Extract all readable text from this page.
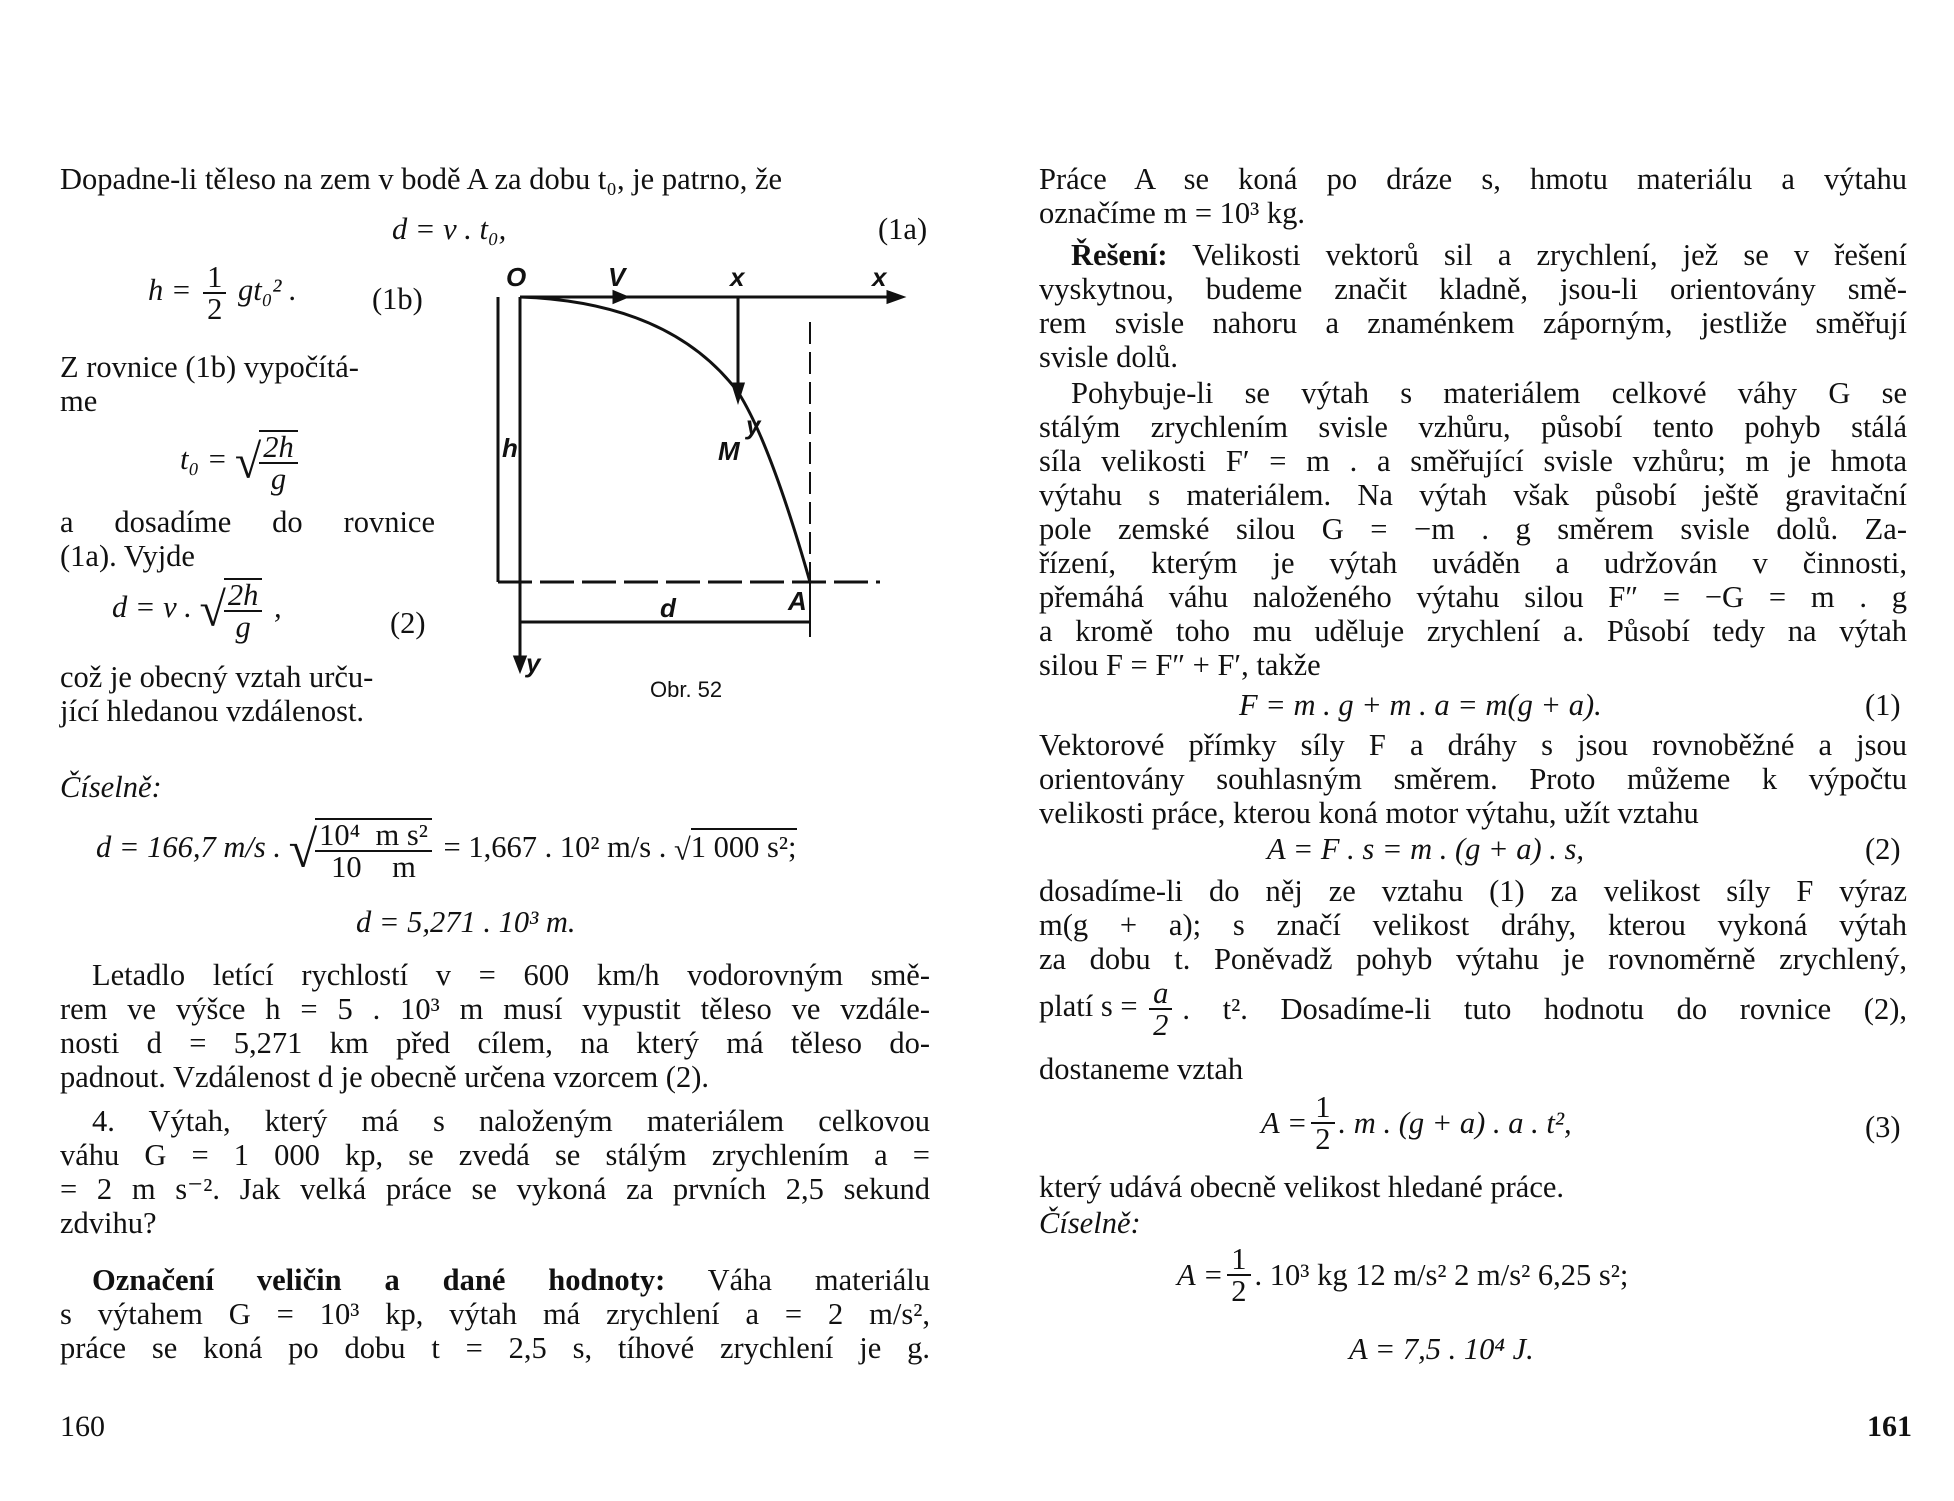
Dopadne-li těleso na zem v bodě A za dobu t₀, je patrno, že
d = v . t₀,	(1a)
$h = \frac{1}{2} gt_0^2$ . (1b)
Z rovnice (1b) vypočítá-
me
t₀ = √
$\frac{2h}{g}$
a dosadíme do rovnice
(1a). Vyjde
d = v . √
$\frac{2h}{g}$ ,	(2)
což je obecný vztah urču-
jící hledanou vzdálenost.
O	V	x	x
y
M
h
d	A
y
Obr. 52
Číselně:
d = 166,7 m/s . √
$\frac{\text{10⁴  m s²}}{10 m} = 1,667$ . 10² m/s . √1 000 s²;
d = 5,271 . 10³ m.
Letadlo letící rychlostí v = 600 km/h vodorovným smě-
rem ve výšce h = 5 . 10³ m musí vypustit těleso ve vzdále-
nosti d = 5,271 km před cílem, na který má těleso do-
padnout. Vzdálenost d je obecně určena vzorcem (2).
4. Výtah, který má s naloženým materiálem celkovou
váhu G = 1 000 kp, se zvedá se stálým zrychlením a =
= 2 m s⁻². Jak velká práce se vykoná za prvních 2,5 sekund
zdvihu?
Označení veličin a dané hodnoty: Váha materiálu
s výtahem G = 10³ kp, výtah má zrychlení a = 2 m/s²,
práce se koná po dobu t = 2,5 s, tíhové zrychlení je g.
160
Práce A se koná po dráze s, hmotu materiálu a výtahu
označíme m = 10³ kg.
Řešení: Velikosti vektorů sil a zrychlení, jež se v řešení
vyskytnou, budeme značit kladně, jsou-li orientovány smě-
rem svisle nahoru a znaménkem záporným, jestliže směřují
svisle dolů.
Pohybuje-li se výtah s materiálem celkové váhy G se
stálým zrychlením svisle vzhůru, působí tento pohyb stálá
síla velikosti F′ = m . a směřující svisle vzhůru; m je hmota
výtahu s materiálem. Na výtah však působí ještě gravitační
pole zemské silou G = −m . g směrem svisle dolů. Za-
řízení, kterým je výtah uváděn a udržován v činnosti,
přemáhá váhu naloženého výtahu silou F″ = −G = m . g
a kromě toho mu uděluje zrychlení a. Působí tedy na výtah
silou F = F″ + F′, takže
F = m . g + m . a = m(g + a).	(1)
Vektorové přímky síly F a dráhy s jsou rovnoběžné a jsou
orientovány souhlasným směrem. Proto můžeme k výpočtu
velikosti práce, kterou koná motor výtahu, užít vztahu
A = F . s = m . (g + a) . s,	(2)
dosadíme-li do něj ze vztahu (1) za velikost síly F výraz
m(g + a); s značí velikost dráhy, kterou vykoná výtah
za dobu t. Poněvadž pohyb výtahu je rovnoměrně zrychlený,
platí $s = \frac{a}{2}$ . t². Dosadíme-li tuto hodnotu do rovnice (2),
dostaneme vztah
$A = \frac{1}{2}$ . m . (g + a) . a . t²,	(3)
který udává obecně velikost hledané práce.
Číselně:
$A = \frac{1}{2}$ . 10³ kg 12 m/s² 2 m/s² 6,25 s²;
A = 7,5 . 10⁴ J.
161
